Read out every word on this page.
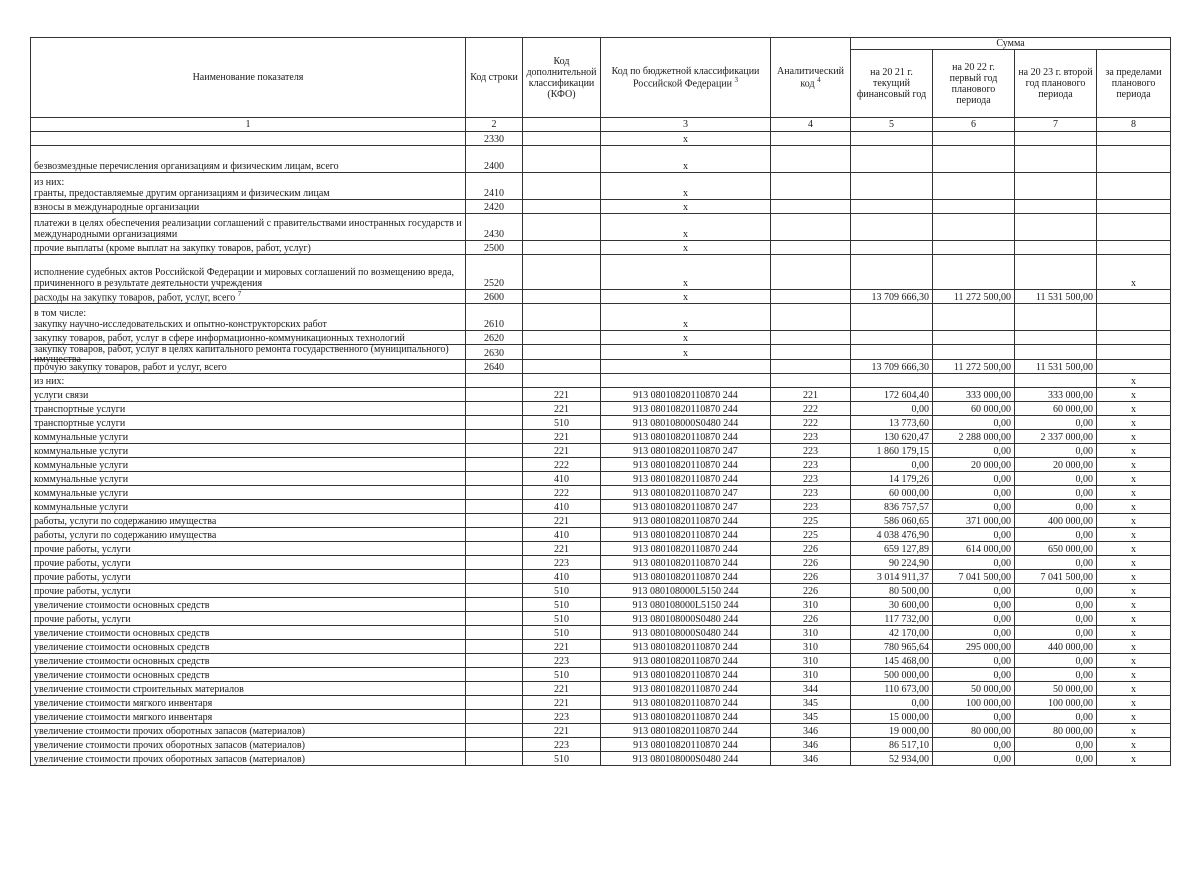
Наименование показателя	Код строки	Код дополнительной классификации (КФО)	Код по бюджетной классификации Российской Федерации $^3$	Аналитический код $^4$	Сумма			
					на 20 21 г. текущий финансовый год	на 20 22 г. первый год планового периода	на 20 23 г. второй год планового периода	за пределами планового периода
1	2		3	4	5	6	7	8

	2330		х					

безвозмездные перечисления организациям и физическим лицам, всего	2400		х					

из них:
гранты, предоставляемые другим организациям и физическим лицам	2410		х					

взносы в международные организации	2420		х					

платежи в целях обеспечения реализации соглашений с правительствами иностранных государств и международными организациями	2430		х					

прочие выплаты (кроме выплат на закупку товаров, работ, услуг)	2500		х					

исполнение судебных актов Российской Федерации и мировых соглашений по возмещению вреда, причиненного в результате деятельности учреждения	2520		х					х
расходы на закупку товаров, работ, услуг, всего $^7$	2600		х		13 709 666,30	11 272 500,00	11 531 500,00	

в том числе:
закупку научно-исследовательских и опытно-конструкторских работ	2610		х					

закупку товаров, работ, услуг в сфере информационно-коммуникационных технологий	2620		х					

закупку товаров, работ, услуг в целях капитального ремонта государственного (муниципального) имущества	2630		х					

прочую закупку товаров, работ и услуг, всего	2640				13 709 666,30	11 272 500,00	11 531 500,00	

из них:								х

услуги связи		221	913 08010820110870 244	221	172 604,40	333 000,00	333 000,00	х

транспортные услуги		221	913 08010820110870 244	222	0,00	60 000,00	60 000,00	х

транспортные услуги		510	913 080108000S0480 244	222	13 773,60	0,00	0,00	х

коммунальные услуги		221	913 08010820110870 244	223	130 620,47	2 288 000,00	2 337 000,00	х

коммунальные услуги		221	913 08010820110870 247	223	1 860 179,15	0,00	0,00	х

коммунальные услуги		222	913 08010820110870 244	223	0,00	20 000,00	20 000,00	х

коммунальные услуги		410	913 08010820110870 244	223	14 179,26	0,00	0,00	х

коммунальные услуги		222	913 08010820110870 247	223	60 000,00	0,00	0,00	х

коммунальные услуги		410	913 08010820110870 247	223	836 757,57	0,00	0,00	х

работы, услуги по содержанию имущества		221	913 08010820110870 244	225	586 060,65	371 000,00	400 000,00	х

работы, услуги по содержанию имущества		410	913 08010820110870 244	225	4 038 476,90	0,00	0,00	х

прочие работы, услуги		221	913 08010820110870 244	226	659 127,89	614 000,00	650 000,00	х

прочие работы, услуги		223	913 08010820110870 244	226	90 224,90	0,00	0,00	х

прочие работы, услуги		410	913 08010820110870 244	226	3 014 911,37	7 041 500,00	7 041 500,00	х

прочие работы, услуги		510	913 080108000L5150 244	226	80 500,00	0,00	0,00	х

увеличение стоимости основных средств		510	913 080108000L5150 244	310	30 600,00	0,00	0,00	х

прочие работы, услуги		510	913 080108000S0480 244	226	117 732,00	0,00	0,00	х

увеличение стоимости основных средств		510	913 080108000S0480 244	310	42 170,00	0,00	0,00	х

увеличение стоимости основных средств		221	913 08010820110870 244	310	780 965,64	295 000,00	440 000,00	х

увеличение стоимости основных средств		223	913 08010820110870 244	310	145 468,00	0,00	0,00	х

увеличение стоимости основных средств		510	913 08010820110870 244	310	500 000,00	0,00	0,00	х

увеличение стоимости строительных материалов		221	913 08010820110870 244	344	110 673,00	50 000,00	50 000,00	х

увеличение стоимости мягкого инвентаря		221	913 08010820110870 244	345	0,00	100 000,00	100 000,00	х

увеличение стоимости мягкого инвентаря		223	913 08010820110870 244	345	15 000,00	0,00	0,00	х

увеличение стоимости прочих оборотных запасов (материалов)		221	913 08010820110870 244	346	19 000,00	80 000,00	80 000,00	х

увеличение стоимости прочих оборотных запасов (материалов)		223	913 08010820110870 244	346	86 517,10	0,00	0,00	х

увеличение стоимости прочих оборотных запасов (материалов)		510	913 080108000S0480 244	346	52 934,00	0,00	0,00	х
